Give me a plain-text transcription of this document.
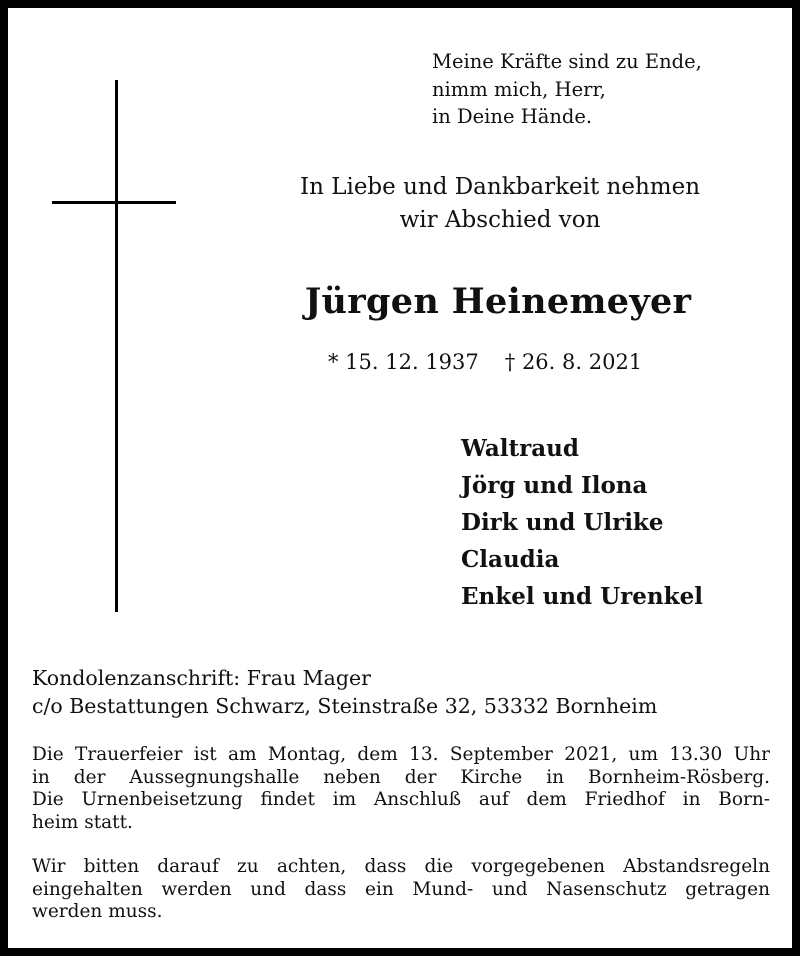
Meine Kräfte sind zu Ende,
nimm mich, Herr,
in Deine Hände.
In Liebe und Dankbarkeit nehmen
wir Abschied von
Jürgen Heinemeyer
* 15. 12. 1937 † 26. 8. 2021
Waltraud
Jörg und Ilona
Dirk und Ulrike
Claudia
Enkel und Urenkel
Kondolenzanschrift: Frau Mager
c/o Bestattungen Schwarz, Steinstraße 32, 53332 Bornheim
Die Trauerfeier ist am Montag, dem 13. September 2021, um 13.30 Uhr
in der Aussegnungshalle neben der Kirche in Bornheim-Rösberg.
Die Urnenbeisetzung findet im Anschluß auf dem Friedhof in Born-
heim statt.
Wir bitten darauf zu achten, dass die vorgegebenen Abstandsregeln
eingehalten werden und dass ein Mund- und Nasenschutz getragen
werden muss.
